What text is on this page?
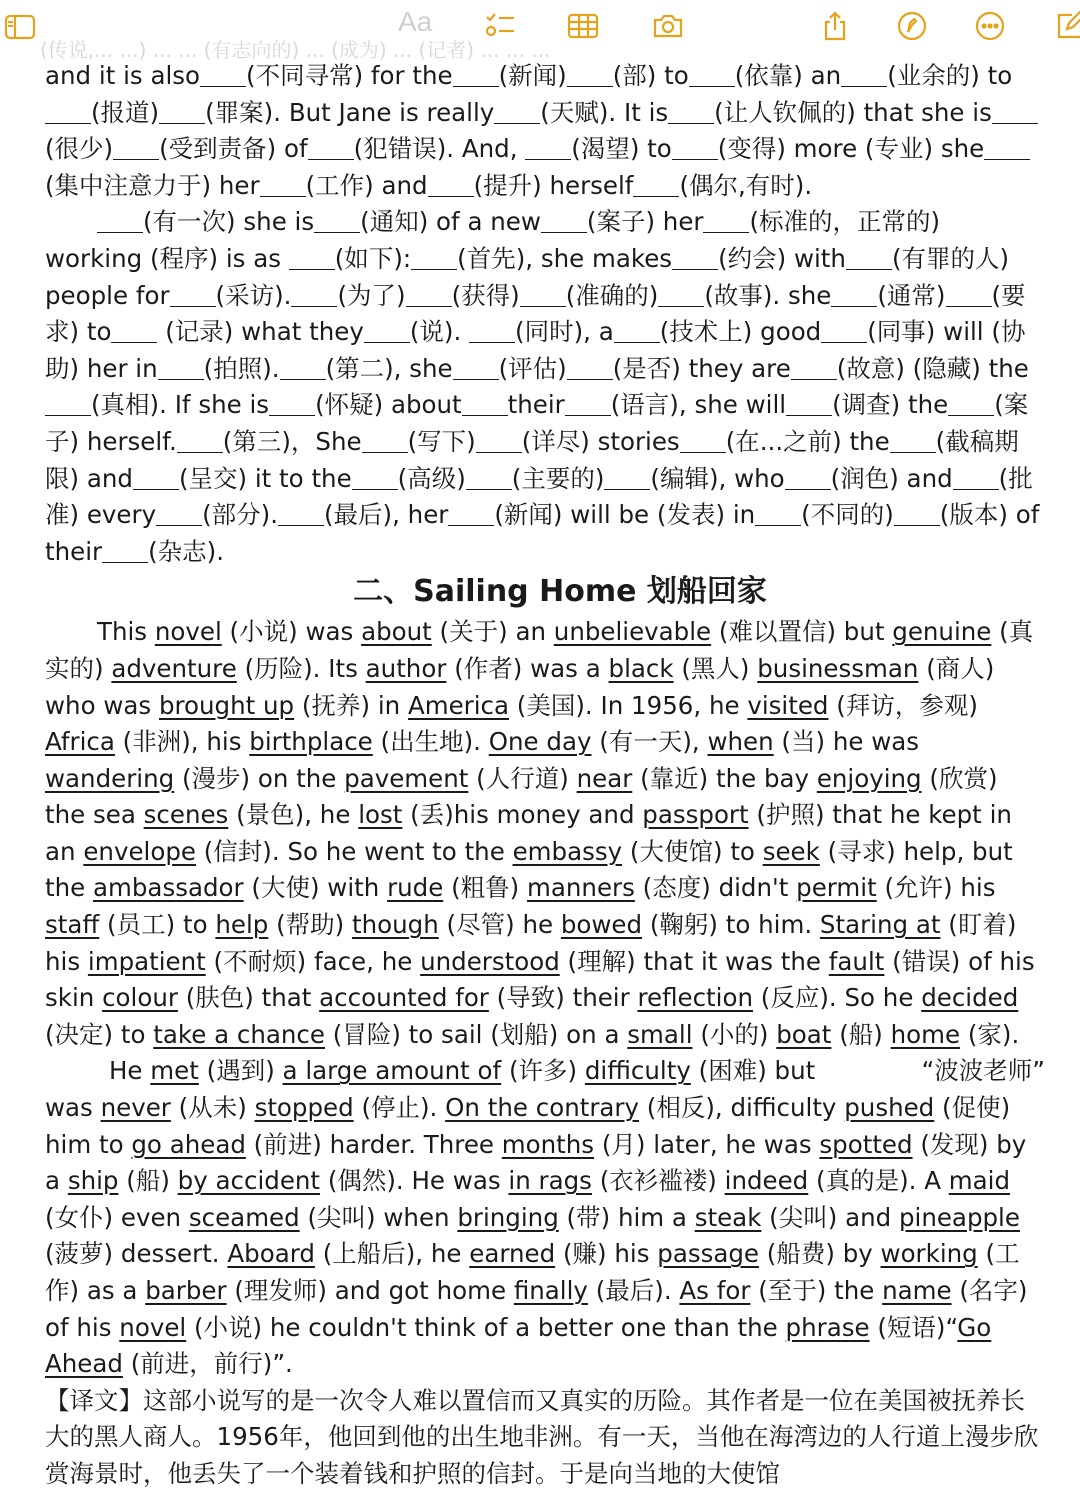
(传说,... ...) ... ... (有志向的) ... (成为) ... (记者) ... ... ...
Aa

and it is also (不同寻常) for the (新闻) (部) to (依靠) an (业余的) to(报道) (罪案). But Jane is really (天赋). It is (让人钦佩的) that she is(很少) (受到责备) of (犯错误). And, (渴望) to (变得) more (专业) she(集中注意力于) her (工作) and (提升) herself (偶尔,有时).

(有一次) she is (通知) of a new (案子) her (标准的，正常的) working (程序) is as (如下): (首先), she makes (约会) with (有罪的人) people for (采访). (为了) (获得) (准确的) (故事). she (通常) (要求) to (记录) what they (说). (同时), a (技术上) good (同事) will (协助) her in (拍照). (第二), she (评估) (是否) they are (故意) (隐藏) the(真相). If she is (怀疑) about their (语言), she will (调查) the (案子) herself. (第三)，She (写下) (详尽) stories (在...之前) the (截稿期限) and (呈交) it to the (高级) (主要的) (编辑), who (润色) and (批准) every (部分). (最后), her (新闻) will be (发表) in (不同的) (版本) of their (杂志).

二、Sailing Home 划船回家

This novel (小说) was about (关于) an unbelievable (难以置信) but genuine (真实的) adventure (历险). Its author (作者) was a black (黑人) businessman (商人) who was brought up (抚养) in America (美国). In 1956, he visited (拜访，参观) Africa (非洲), his birthplace (出生地). One day (有一天), when (当) he was wandering (漫步) on the pavement (人行道) near (靠近) the bay enjoying (欣赏) the sea scenes (景色), he lost (丢)his money and passport (护照) that he kept in an envelope (信封). So he went to the embassy (大使馆) to seek (寻求) help, but the ambassador (大使) with rude (粗鲁) manners (态度) didn't permit (允许) his staff (员工) to help (帮助) though (尽管) he bowed (鞠躬) to him. Staring at (盯着) his impatient (不耐烦) face, he understood (理解) that it was the fault (错误) of his skin colour (肤色) that accounted for (导致) their reflection (反应). So he decided (决定) to take a chance (冒险) to sail (划船) on a small (小的) boat (船) home (家).
“波波老师”

He met (遇到) a large amount of (许多) difficulty (困难) but was never (从未) stopped (停止). On the contrary (相反), difficulty pushed (促使) him to go ahead (前进) harder. Three months (月) later, he was spotted (发现) by a ship (船) by accident (偶然). He was in rags (衣衫褴褛) indeed (真的是). A maid (女仆) even sceamed (尖叫) when bringing (带) him a steak (尖叫) and pineapple (菠萝) dessert. Aboard (上船后), he earned (赚) his passage (船费) by working (工作) as a barber (理发师) and got home finally (最后). As for (至于) the name (名字) of his novel (小说) he couldn't think of a better one than the phrase (短语)“Go Ahead (前进，前行)”.

【译文】这部小说写的是一次令人难以置信而又真实的历险。其作者是一位在美国被抚养长大的黑人商人。1956年，他回到他的出生地非洲。有一天，当他在海湾边的人行道上漫步欣赏海景时，他丢失了一个装着钱和护照的信封。于是向当地的大使馆
